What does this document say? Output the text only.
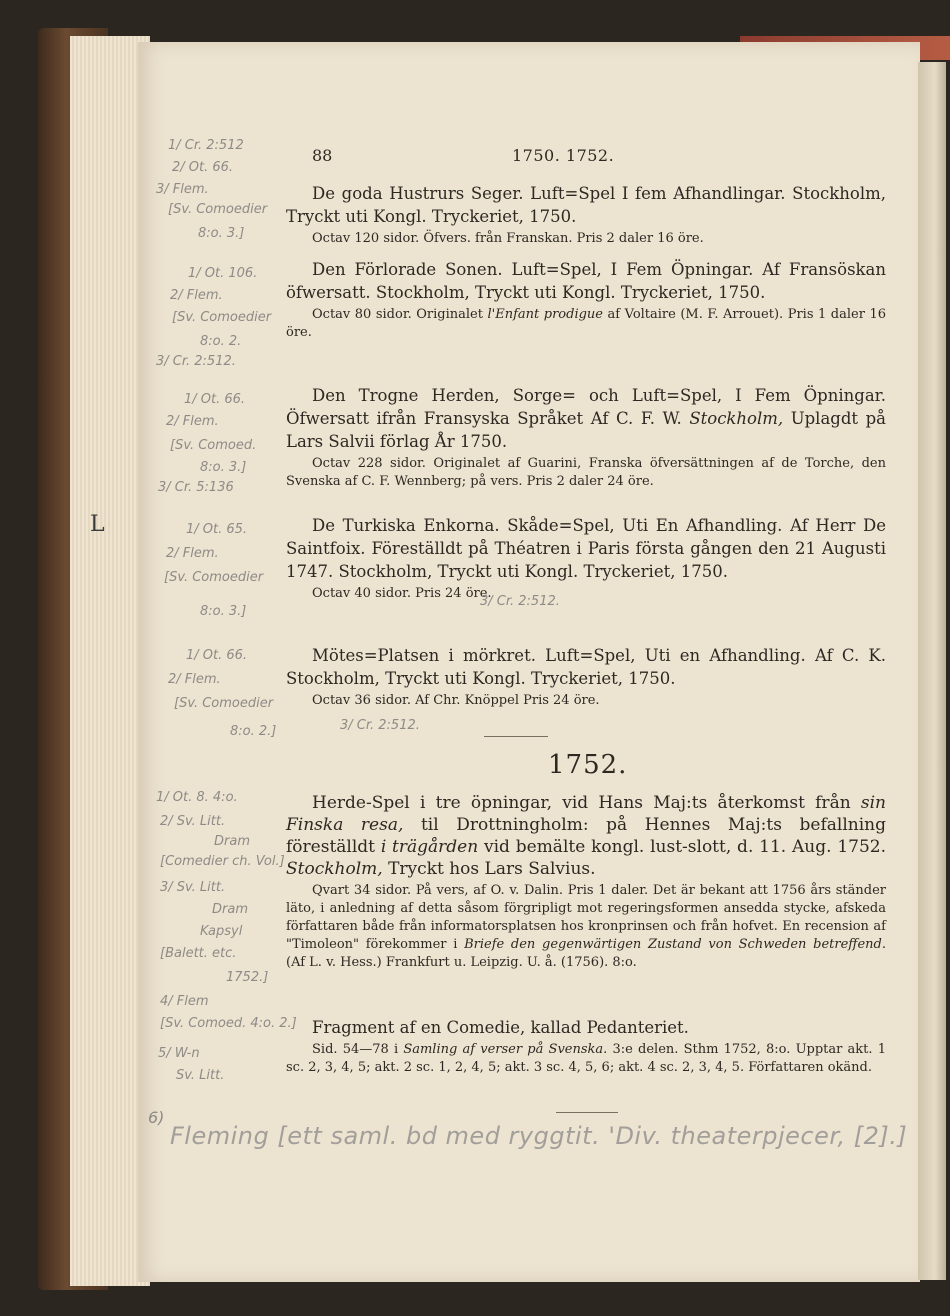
88	1750. 1752.
De goda Hustrurs Seger. Luft=Spel I fem Afhandlingar. Stockholm, Tryckt uti Kongl. Tryckeriet, 1750.
Octav 120 sidor. Öfvers. från Franskan. Pris 2 daler 16 öre.
Den Förlorade Sonen. Luft=Spel, I Fem Öpningar. Af Fransöskan öfwersatt. Stockholm, Tryckt uti Kongl. Tryckeriet, 1750.
Octav 80 sidor. Originalet l'Enfant prodigue af Voltaire (M. F. Arrouet). Pris 1 daler 16 öre.
Den Trogne Herden, Sorge= och Luft=Spel, I Fem Öpningar. Öfwersatt ifrån Fransyska Språket Af C. F. W. Stockholm, Uplagdt på Lars Salvii förlag År 1750.
Octav 228 sidor. Originalet af Guarini, Franska öfversättningen af de Torche, den Svenska af C. F. Wennberg; på vers. Pris 2 daler 24 öre.
De Turkiska Enkorna. Skåde=Spel, Uti En Afhandling. Af Herr De Saintfoix. Föreställdt på Théatren i Paris första gången den 21 Augusti 1747. Stockholm, Tryckt uti Kongl. Tryckeriet, 1750.
Octav 40 sidor. Pris 24 öre.
Mötes=Platsen i mörkret. Luft=Spel, Uti en Afhandling. Af C. K. Stockholm, Tryckt uti Kongl. Tryckeriet, 1750.
Octav 36 sidor. Af Chr. Knöppel Pris 24 öre.
1752.
Herde-Spel i tre öpningar, vid Hans Maj:ts återkomst från sin Finska resa, til Drottningholm: på Hennes Maj:ts befallning föreställdt i trägården vid bemälte kongl. lust-slott, d. 11. Aug. 1752. Stockholm, Tryckt hos Lars Salvius.
Qvart 34 sidor. På vers, af O. v. Dalin. Pris 1 daler. Det är bekant att 1756 års ständer läto, i anledning af detta såsom förgripligt mot regeringsformen ansedda stycke, afskeda författaren både från informatorsplatsen hos kronprinsen och från hofvet. En recension af "Timoleon" förekommer i Briefe den gegenwärtigen Zustand von Schweden betreffend. (Af L. v. Hess.) Frankfurt u. Leipzig. U. å. (1756). 8:o.
Fragment af en Comedie, kallad Pedanteriet.
Sid. 54—78 i Samling af verser på Svenska. 3:e delen. Sthm 1752, 8:o. Upptar akt. 1 sc. 2, 3, 4, 5; akt. 2 sc. 1, 2, 4, 5; akt. 3 sc. 4, 5, 6; akt. 4 sc. 2, 3, 4, 5. Författaren okänd.
1/ Cr. 2:512
2/ Ot. 66.
3/ Flem.
[Sv. Comoedier
8:o. 3.]
1/ Ot. 106.
2/ Flem.
[Sv. Comoedier
8:o. 2.
3/ Cr. 2:512.
1/ Ot. 66.
2/ Flem.
[Sv. Comoed.
8:o. 3.]
3/ Cr. 5:136
1/ Ot. 65.
2/ Flem.
[Sv. Comoedier
8:o. 3.]
3/ Cr. 2:512.
1/ Ot. 66.
2/ Flem.
[Sv. Comoedier
8:o. 2.]	3/ Cr. 2:512.
1/ Ot. 8. 4:o.
2/ Sv. Litt.
Dram
[Comedier ch. Vol.]
3/ Sv. Litt.
Dram
Kapsyl
[Balett. etc.
1752.]
4/ Flem
[Sv. Comoed. 4:o. 2.]
5/ W-n
Sv. Litt.
6)
Fleming [ett saml. bd med ryggtit. 'Div. theaterpjecer, [2].]
L
